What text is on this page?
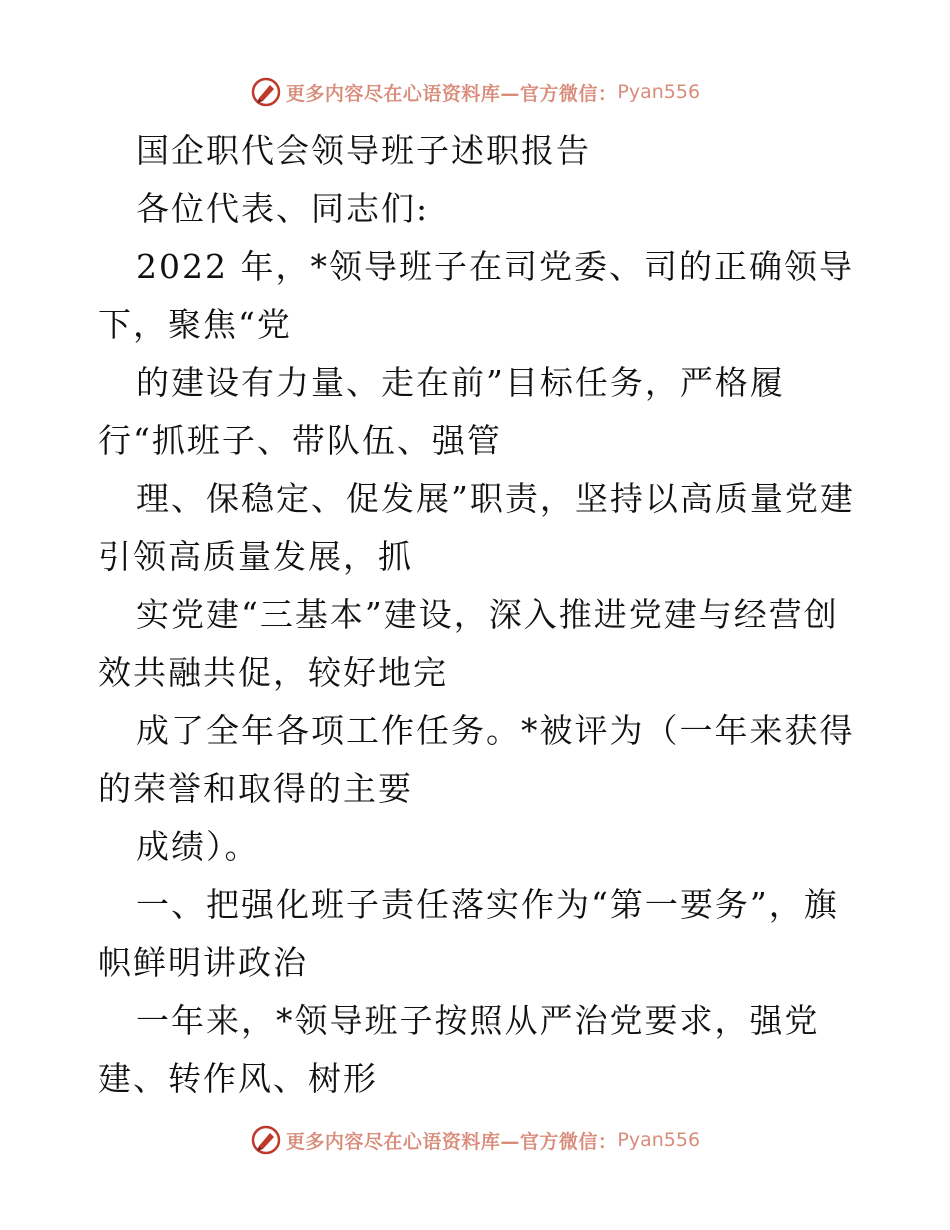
更多内容尽在心语资料库—官方微信： Pyan556
国企职代会领导班子述职报告
各位代表、同志们:
2022 年，*领导班子在司党委、司的正确领导
下，聚焦“党
的建设有力量、走在前”目标任务，严格履
行“抓班子、带队伍、强管
理、保稳定、促发展”职责，坚持以高质量党建
引领高质量发展，抓
实党建“三基本”建设，深入推进党建与经营创
效共融共促，较好地完
成了全年各项工作任务。*被评为（一年来获得
的荣誉和取得的主要
成绩）。
一、把强化班子责任落实作为“第一要务”，旗
帜鲜明讲政治
一年来，*领导班子按照从严治党要求，强党
建、转作风、树形
更多内容尽在心语资料库—官方微信： Pyan556
